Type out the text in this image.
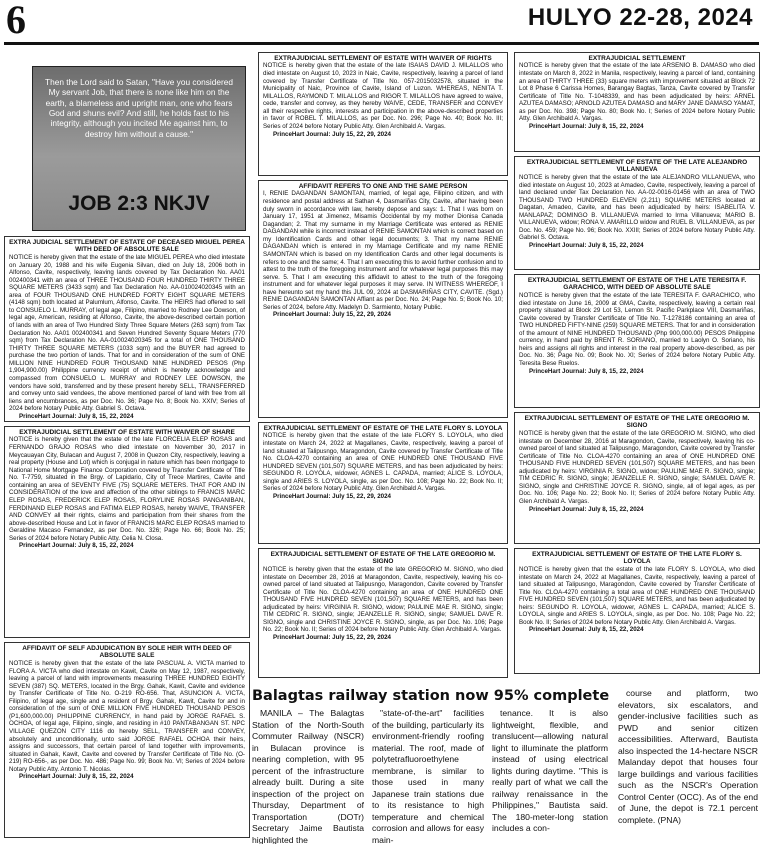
6	HULYO 22-28, 2024
Then the Lord said to Satan, "Have you considered My servant Job, that there is none like him on the earth, a blameless and upright man, one who fears God and shuns evil? And still, he holds fast to his integrity, although you incited Me against him, to destroy him without a cause."
JOB 2:3 NKJV
EXTRA JUDICIAL SETTLEMENT OF ESTATE OF DECEASED MIGUEL PEREA WITH DEED OF ABSOLUTE SALE

NOTICE is hereby given that the estate of the late MIGUEL PEREA who died intestate on January 20, 1988 and his wife Eugenia Silvan, died on July 18, 2006 both in Alfonso, Cavite, respectively, leaving lands covered by Tax Declaration No. AA01 002400341 with an area of THREE THOUSAND FOUR HUNDRED THIRTY THREE SQUARE METERS (3433 sqm) and Tax Declaration No. AA-010024020345 with an area of FOUR THOUSAND ONE HUNDRED FORTY EIGHT SQUARE METERS (4148 sqm) both located at Palumlum, Alfonso, Cavite. The HEIRS had offered to sell to CONSUELO L. MURRAY, of legal age, Filipino, married to Rodney Lee Dowson, of legal age, American, residing at Alfonso, Cavite, the above-described certain portion of lands with an area of Two Hundred Sixty Three Square Meters (263 sqm) from Tax Declaration No. AA01 002400341 and Seven Hundred Seventy Square Meters (770 sqm) from Tax Declaration No. AA-010024020345 for a total of ONE THOUSAND THIRTY THREE SQUARE METERS (1033 sqm) and the BUYER had agreed to purchase the two portion of lands. That for and in consideration of the sum of ONE MILLION NINE HUNDRED FOUR THOUSAND NINE HUNDRED PESOS (Php 1,904,900.00) Philippine currency receipt of which is hereby acknowledge and compassed from CONSUELO L. MURRAY and RODNEY LEE DOWSON, the vendors have sold, transferred and by these present hereby SELL, TRANSFERRED and convey unto said vendees, the above mentioned parcel of land with free from all liens and encumbrances, as per Doc. No. 36; Page No. 8; Book No. XXIV; Series of 2024 before Notary Public Atty. Gabriel S. Octava.

PrinceHart Journal: July 8, 15, 22, 2024

EXTRAJUDICIAL SETTLEMENT OF ESTATE WITH WAIVER OF SHARE

NOTICE is hereby given that the estate of the late FLORCELIA ELEP ROSAS and FERNANDO GRAJO ROSAS who died intestate on November 30, 2017 in Meycauayan City, Bulacan and August 7, 2008 in Quezon City, respectively, leaving a real property (House and Lot) which is conjugal in nature which has been mortgage to National Home Mortgage Finance Corporation covered by Transfer Certificate of Title No. T-7759, situated in the Brgy. of Lapidario, City of Trece Martires, Cavite and containing an area of SEVENTY FIVE (75) SQUARE METERS. THAT FOR AND IN CONSIDERATION of the love and affection of the other siblings to FRANCIS MARC ELEP ROSAS, FREDERICK ELEP ROSAS, FLORYLINE ROSAS PANGANIBAN, FERDINAND ELEP ROSAS and FATIMA ELEP ROSAS, hereby WAIVE, TRANSFER AND CONVEY all their rights, claims and participation from their shares from the above-described House and Lot in favor of FRANCIS MARC ELEP ROSAS married to Geraldine Macaso Fernandez, as per Doc. No. 326; Page No. 66; Book No. 25; Series of 2024 before Notary Public Atty. Celia N. Closa.

PrinceHart Journal: July 8, 15, 22, 2024

AFFIDAVIT OF SELF ADJUDICATION BY SOLE HEIR WITH DEED OF ABSOLUTE SALE

NOTICE is hereby given that the estate of the late PASCUAL A. VICTA married to FLORA A. VICTA who died intestate on Kawit, Cavite on May 12, 1987, respectively, leaving a parcel of land with improvements measuring THREE HUNDRED EIGHTY SEVEN (387) SQ. METERS, located in the Brgy. Gahak, Kawit, Cavite and evidence by Transfer Certificate of Title No. O-219 RO-656. That, ASUNCION A. VICTA, Filipino, of legal age, single and a resident of Brgy. Gahak, Kawit, Cavite for and in consideration of the sum of ONE MILLION FIVE HUNDRED THOUSAND PESOS (P1,600,000.00) PHILIPPINE CURRENCY, in hand paid by JORGE RAFAEL S. OCHOA, of legal age, Filipino, single, and residing in #10 PANTABANGAN ST. NPC VILLAGE QUEZON CITY 1116 do hereby SELL, TRANSFER and CONVEY, absolutely and unconditionally, unto said JORGE RAFAEL OCHOA their heirs, assigns and successors, that certain parcel of land together with improvements, situated in Gahak, Kawit, Cavite and covered by Transfer Certificate of Title No. (O-219) RO-656-, as per Doc. No. 486; Page No. 99; Book No. VI; Series of 2024 before Notary Public Atty. Antonio T. Nicolas.

PrinceHart Journal: July 8, 15, 22, 2024

EXTRAJUDICIAL SETTLEMENT OF ESTATE WITH WAIVER OF RIGHTS

NOTICE is hereby given that the estate of the late ISAIAS DAVID J. MILALLOS who died intestate on August 10, 2023 in Naic, Cavite, respectively, leaving a parcel of land covered by Transfer Certificate of Title No. 057-2015032578, situated in the Municipality of Naic, Province of Cavite, Island of Luzon. WHEREAS, NENITA T. MILALLOS, RAYMOND T. MILALLOS and RIGOR T. MILALLOS have agreed to waive, cede, transfer and convey, as they hereby WAIVE, CEDE, TRANSFER and CONVEY all their respective rights, interests and participation in the above-described properties in favor of ROBEL T. MILALLOS, as per Doc. No. 296; Page No. 40; Book No. III; Series of 2024 before Notary Public Atty. Glen Archibald A. Vargas.

PrinceHart Journal: July 15, 22, 29, 2024

AFFIDAVIT REFERS TO ONE AND THE SAME PERSON

I, RENIE DAGANDAN SAMONTAN, married, of legal age, Filipino citizen, and with residence and postal address at Sathan 4, Dasmariñas City, Cavite, after having been duly sworn in accordance with law, hereby depose and says: 1. That I was born on January 17, 1951 at Jimenez, Misamis Occidental by my mother Dionisa Canada Dagandan; 2. That my surname in my Marriage Certificate was entered as RENIE DAGANDAN while is incorrect instead of RENIE SAMONTAN which is correct based on my Identification Cards and other legal documents; 3. That my name RENIE DAGANDAN which is entered in my Marriage Certificate and my name RENIE SAMONTAN which is based on my Identification Cards and other legal documents is refers to one and the same; 4. That I am executing this to avoid further confusion and to attest to the truth of the foregoing instrument and for whatever legal purposes this may serve. 5. That I am executing this affidavit to attest to the truth of the foregoing instrument and for whatever legal purposes it may serve. IN WITNESS WHEREOF, I have hereunto set my hand this JUL 09, 2024 at DASMARIÑAS CITY, CAVITE. (Sgd.) RENIE DAGANDAN SAMONTAN Affiant as per Doc. No. 24; Page No. 5; Book No. 10; Series of 2024, before Atty. Madelyn D. Sarmiento, Notary Public.

PrinceHart Journal: July 15, 22, 29, 2024

EXTRAJUDICIAL SETTLEMENT OF ESTATE OF THE LATE FLORY S. LOYOLA

NOTICE is hereby given that the estate of the late FLORY S. LOYOLA, who died intestate on March 24, 2022 at Magallanes, Cavite, respectively, leaving a parcel of land situated at Talipusngo, Maragondon, Cavite covered by Transfer Certificate of Title No. CLOA-4270 containing an area of ONE HUNDRED ONE THOUSAND FIVE HUNDRED SEVEN (101,507) SQUARE METERS, and has been adjudicated by heirs: SEGUNDO R. LOYOLA, widower, AGNES L. CAPADA, married; ALICE S. LOYOLA, single and ARIES S. LOYOLA, single, as per Doc. No. 108; Page No. 22; Book No. II; Series of 2024 before Notary Public Atty. Glen Archibald A. Vargas.

PrinceHart Journal: July 15, 22, 29, 2024

EXTRAJUDICIAL SETTLEMENT OF ESTATE OF THE LATE GREGORIO M. SIGNO

NOTICE is hereby given that the estate of the late GREGORIO M. SIGNO, who died intestate on December 28, 2016 at Maragondon, Cavite, respectively, leaving his co-owned parcel of land situated at Talipusngo, Maragondon, Cavite covered by Transfer Certificate of Title No. CLOA-4270 containing an area of ONE HUNDRED ONE THOUSAND FIVE HUNDRED SEVEN (101,507) SQUARE METERS, and has been adjudicated by heirs: VIRGINIA R. SIGNO, widow; PAULINE MAE R. SIGNO, single; TIM CEDRIC R. SIGNO, single; JEANZELLE R. SIGNO, single; SAMUEL DAVE R. SIGNO, single and CHRISTINE JOYCE R. SIGNO, single, as per Doc. No. 106; Page No. 22; Book No. II; Series of 2024 before Notary Public Atty. Glen Archibald A. Vargas.

PrinceHart Journal: July 15, 22, 29, 2024

EXTRAJUDICIAL SETTLEMENT

NOTICE is hereby given that the estate of the late ARSENIO B. DAMASO who died intestate on March 8, 2022 in Manila, respectively, leaving a parcel of land, containing an area of THIRTY THREE (33) square meters with improvement situated at Block 72 Lot 8 Phase 6 Carissa Homes, Barangay Bagtas, Tanza, Cavite covered by Transfer Certificate of Title No. T-1048339, and has been adjudicated by heirs: ARNEL AZUTEA DAMASO; ARNOLD AZUTEA DAMASO and MARY JANE DAMASO YAMAT, as per Doc. No. 398; Page No. 80; Book No. I; Series of 2024 before Notary Public Atty. Glen Archibald A. Vargas.

PrinceHart Journal: July 8, 15, 22, 2024

EXTRAJUDICIAL SETTLEMENT OF ESTATE OF THE LATE ALEJANDRO VILLANUEVA

NOTICE is hereby given that the estate of the late ALEJANDRO VILLANUEVA, who died intestate on August 10, 2023 at Amadeo, Cavite, respectively, leaving a parcel of land declared under Tax Declaration No. AA-02-0016-01456 with an area of TWO THOUSAND TWO HUNDRED ELEVEN (2,211) SQUARE METERS located at Dagatan, Amadeo, Cavite, and has been adjudicated by heirs: ISABELITA V. MANLAPAZ; DOMINGO B. VILLANUEVA married to Irma Villanueva; MARIO B. VILLANUEVA, widow; RONA V. AMARILLO widow and RUEL B. VILLANUEVA, as per Doc. No. 459; Page No. 96; Book No. XXIII; Series of 2024 before Notary Public Atty. Gabriel S. Octava.

PrinceHart Journal: July 8, 15, 22, 2024

EXTRAJUDICIAL SETTLEMENT OF ESTATE OF THE LATE TERESITA F. GARACHICO, WITH DEED OF ABSOLUTE SALE

NOTICE is hereby given that the estate of the late TERESITA F. GARACHICO, who died intestate on June 16, 2009 at GMA, Cavite, respectively, leaving a certain real property situated at Block 29 Lot 53, Lemon St. Pacific Parkplace VIII, Dasmariñas, Cavite covered by Transfer Certificate of Title No. T-1278186 containing an area of TWO HUNDRED FIFTY-NINE (259) SQUARE METERS. That for and in consideration of the amount of NINE HUNDRED THOUSAND (Php 900,000.00) PESOS Philippine currency, in hand paid by BRENT R. SORIANO, married to Laolyn O. Soriano, his heirs and assigns all rights and interest in the real property above-described, as per Doc. No. 36; Page No. 09; Book No. XI; Series of 2024 before Notary Public Atty. Teresita Bese Ruelos.

PrinceHart Journal: July 8, 15, 22, 2024

EXTRAJUDICIAL SETTLEMENT OF ESTATE OF THE LATE GREGORIO M. SIGNO

NOTICE is hereby given that the estate of the late GREGORIO M. SIGNO, who died intestate on December 28, 2016 at Maragondon, Cavite, respectively, leaving his co-owned parcel of land situated at Talipusngo, Maragondon, Cavite covered by Transfer Certificate of Title No. CLOA-4270 containing an area of ONE HUNDRED ONE THOUSAND FIVE HUNDRED SEVEN (101,507) SQUARE METERS, and has been adjudicated by heirs: VIRGINIA R. SIGNO, widow; PAULINE MAE R. SIGNO, single; TIM CEDRIC R. SIGNO, single; JEANZELLE R. SIGNO, single; SAMUEL DAVE R. SIGNO, single and CHRISTINE JOYCE R. SIGNO, single, all of legal ages, as per Doc. No. 106; Page No. 22; Book No. II; Series of 2024 before Notary Public Atty. Glen Archibald A. Vargas.

PrinceHart Journal: July 8, 15, 22, 2024

EXTRAJUDICIAL SETTLEMENT OF ESTATE OF THE LATE FLORY S. LOYOLA

NOTICE is hereby given that the estate of the late FLORY S. LOYOLA, who died intestate on March 24, 2022 at Magallanes, Cavite, respectively, leaving a parcel of land situated at Talipusngo, Maragondon, Cavite covered by Transfer Certificate of Title No. CLOA-4270 containing a total area of ONE HUNDRED ONE THOUSAND FIVE HUNDRED SEVEN (101,507) SQUARE METERS, and has been adjudicated by heirs: SEGUNDO R. LOYOLA, widower, AGNES L. CAPADA, married; ALICE S. LOYOLA, single and ARIES S. LOYOLA, single, as per Doc. No. 108; Page No. 22; Book No. II; Series of 2024 before Notary Public Atty. Glen Archibald A. Vargas.

PrinceHart Journal: July 8, 15, 22, 2024

Balagtas railway station now 95% complete

MANILA – The Balagtas Station of the North-South Commuter Railway (NSCR) in Bulacan province is nearing completion, with 95 percent of the infrastructure already built. During a site inspection of the project on Thursday, Department of Transportation (DOTr) Secretary Jaime Bautista highlighted the

"state-of-the-art" facilities of the building, particularly its environment-friendly roofing material. The roof, made of polytetrafluoroethylene membrane, is similar to those used in many Japanese train stations due to its resistance to high temperature and chemical corrosion and allows for easy main-

tenance. It is also lightweight, flexible, and translucent—allowing natural light to illuminate the platform instead of using electrical lights during daytime. "This is really part of what we call the railway renaissance in the Philippines," Bautista said. The 180-meter-long station includes a con-

course and platform, two elevators, six escalators, and gender-inclusive facilities such as PWD and senior citizen accessibilities. Afterward, Bautista also inspected the 14-hectare NSCR Malanday depot that houses four large buildings and various facilities such as the NSCR's Operation Control Center (OCC). As of the end of June, the depot is 72.1 percent complete. (PNA)
